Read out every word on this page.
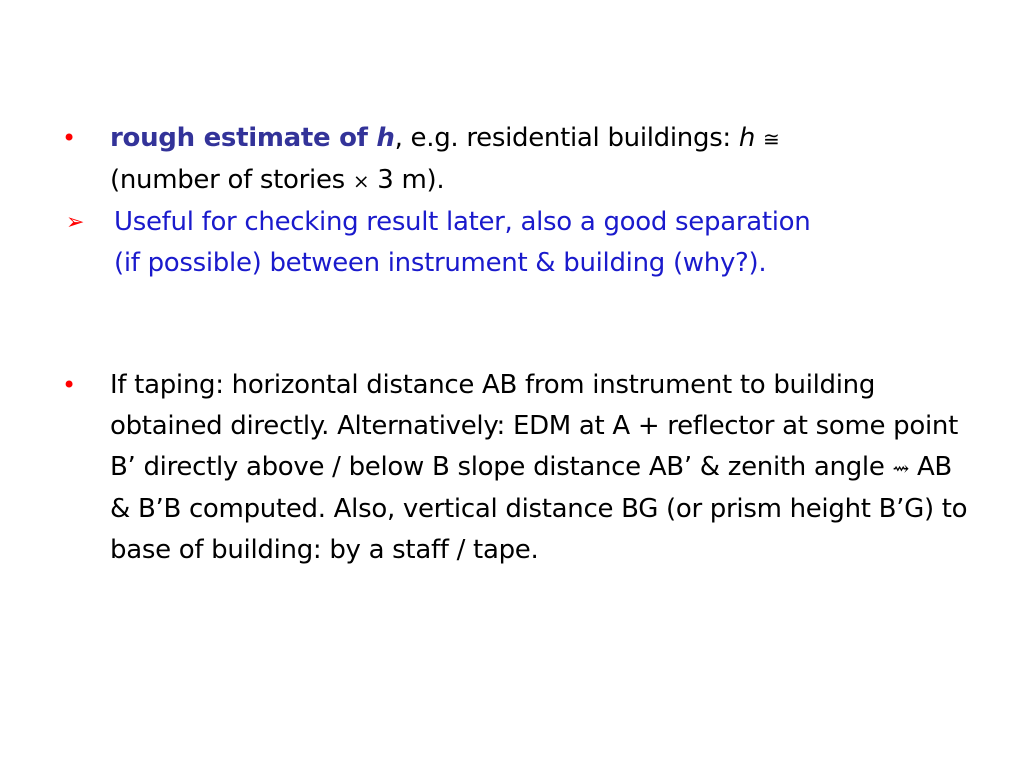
• rough estimate of h, e.g. residential buildings: h ≅
(number of stories × 3 m).
➢ Useful for checking result later, also a good separation (if possible) between instrument & building (why?).
• If taping: horizontal distance AB from instrument to building obtained directly. Alternatively: EDM at A + reflector at some point B’ directly above / below B slope distance AB’ & zenith angle ⇝ AB & B’B computed. Also, vertical distance BG (or prism height B’G) to base of building: by a staff / tape.
